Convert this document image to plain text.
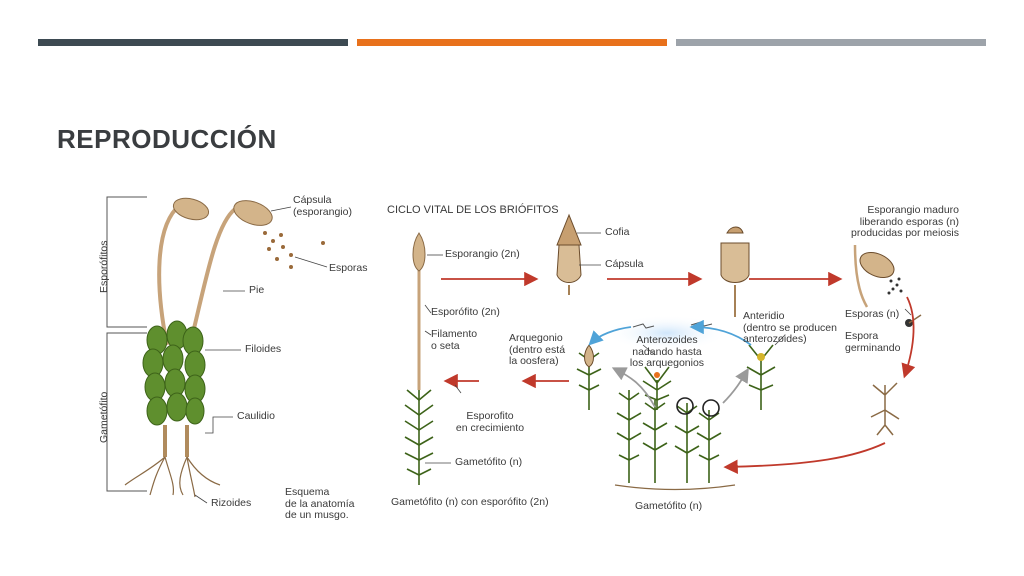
REPRODUCCIÓN
Esporófitos
Gametófito
Cápsula
(esporangio)
Esporas
Pie
Filoides
Caulidio
Rizoides
Esquema
de la anatomía
de un musgo.
CICLO VITAL DE LOS BRIÓFITOS
Esporangio (2n)
Cofia
Cápsula
Esporangio maduro
liberando esporas (n)
producidas por meiosis
Esporófito (2n)
Filamento
o seta
Arquegonio
(dentro está
la oosfera)
Anterozoides
nadando hasta
los arquegonios
Anteridio
(dentro se producen
anterozoides)
Esporas (n)
Espora
germinando
Esporofito
en crecimiento
Gametófito (n)
Gametófito (n) con esporófito (2n)	Gametófito (n)
